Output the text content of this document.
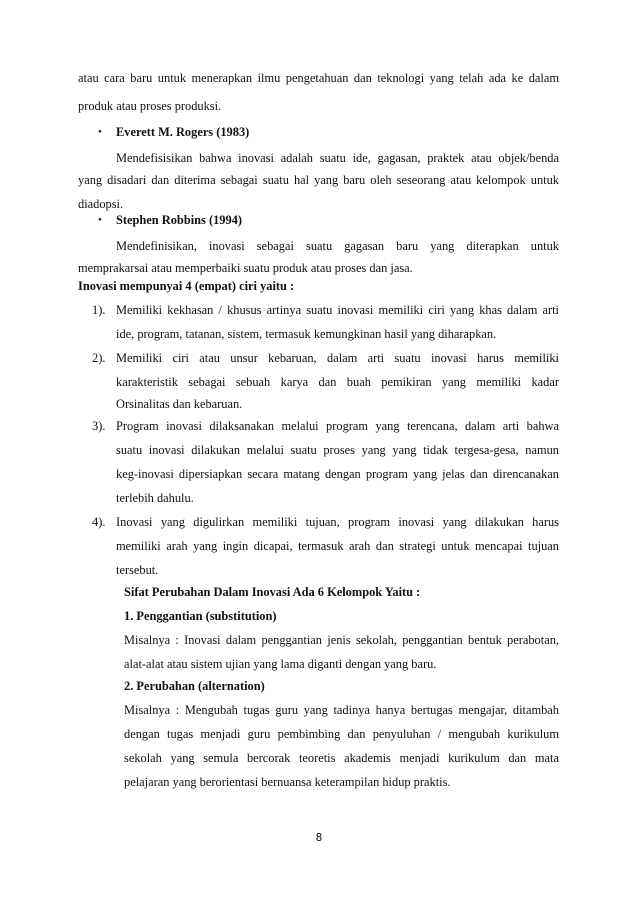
atau cara baru untuk menerapkan ilmu pengetahuan dan teknologi yang telah ada ke dalam
produk atau proses produksi.
Everett M. Rogers (1983)
Mendefisisikan bahwa inovasi adalah suatu ide, gagasan, praktek atau objek/benda
yang disadari dan diterima sebagai suatu hal yang baru oleh seseorang atau kelompok untuk
diadopsi.
Stephen Robbins (1994)
Mendefinisikan, inovasi sebagai suatu gagasan baru yang diterapkan untuk
memprakarsai atau memperbaiki suatu produk atau proses dan jasa.
Inovasi mempunyai 4 (empat) ciri yaitu :
Memiliki kekhasan / khusus artinya suatu inovasi memiliki ciri yang khas dalam arti
ide, program, tatanan, sistem, termasuk kemungkinan hasil yang diharapkan.
Memiliki ciri atau unsur kebaruan, dalam arti suatu inovasi harus memiliki
karakteristik sebagai sebuah karya dan buah pemikiran yang memiliki kadar
Orsinalitas dan kebaruan.
Program inovasi dilaksanakan melalui program yang terencana, dalam arti bahwa
suatu inovasi dilakukan melalui suatu proses yang yang tidak tergesa-gesa, namun
keg-inovasi dipersiapkan secara matang dengan program yang jelas dan direncanakan
terlebih dahulu.
Inovasi yang digulirkan memiliki tujuan, program inovasi yang dilakukan harus
memiliki arah yang ingin dicapai, termasuk arah dan strategi untuk mencapai tujuan
tersebut.
Sifat Perubahan Dalam Inovasi Ada 6 Kelompok Yaitu :
1. Penggantian (substitution)
Misalnya : Inovasi dalam penggantian jenis sekolah, penggantian bentuk perabotan,
alat-alat atau sistem ujian yang lama diganti dengan yang baru.
2. Perubahan (alternation)
Misalnya : Mengubah tugas guru yang tadinya hanya bertugas mengajar, ditambah
dengan tugas menjadi guru pembimbing dan penyuluhan / mengubah kurikulum
sekolah yang semula bercorak teoretis akademis menjadi kurikulum dan mata
pelajaran yang berorientasi bernuansa keterampilan hidup praktis.
•
•
1).
2).
3).
4).
8
